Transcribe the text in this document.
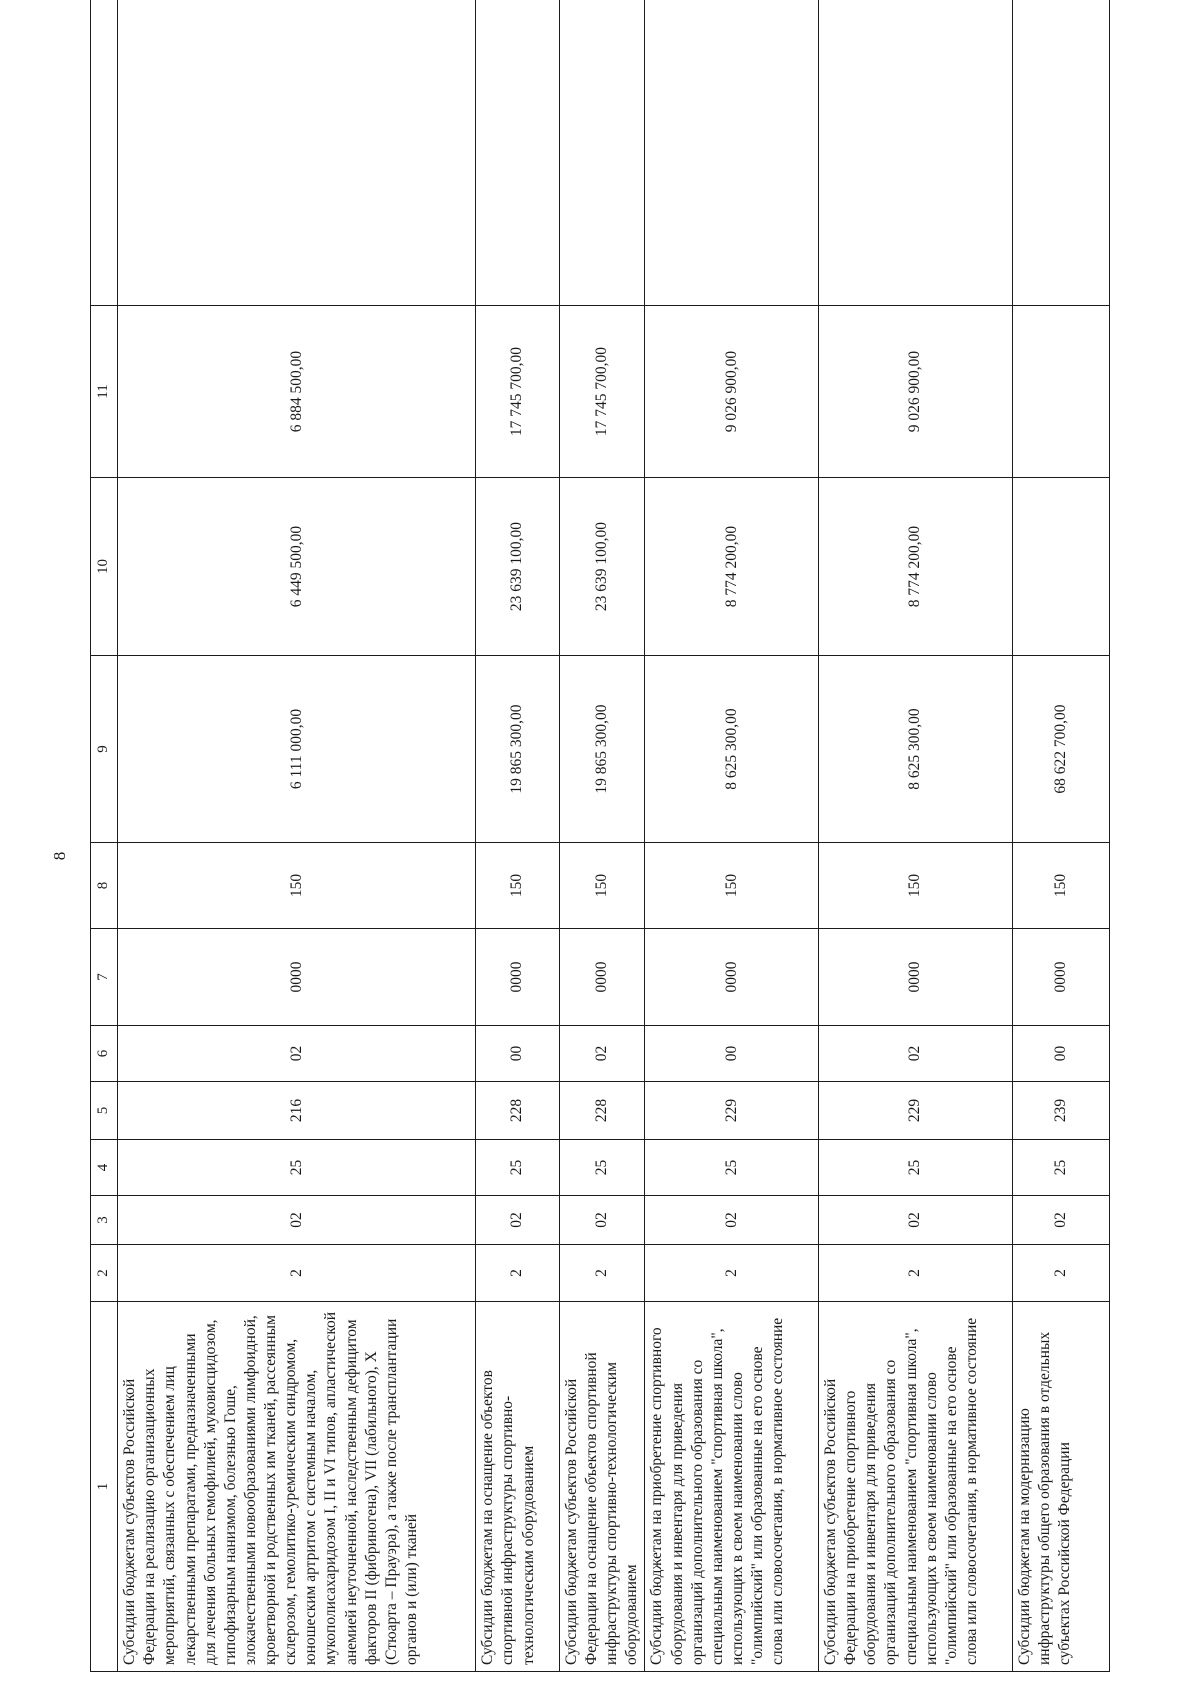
8
1	2	3	4	5	6	7	8	9	10	11	
Субсидии бюджетам субъектов Российской Федерации на реализацию организационных мероприятий, связанных с обеспечением лиц лекарственными препаратами, предназначенными для лечения больных гемофилией, муковисцидозом, гипофизарным нанизмом, болезнью Гоше, злокачественными новообразованиями лимфоидной, кроветворной и родственных им тканей, рассеянным склерозом, гемолитико-уремическим синдромом, юношеским артритом с системным началом, мукополисахаридозом I, II и VI типов, апластической анемией неуточненной, наследственным дефицитом факторов II (фибриногена), VII (лабильного), X (Стюарта – Прауэра), а также после трансплантации органов и (или) тканей	2	02	25	216	02	0000	150	6 111 000,00	6 449 500,00	6 884 500,00	
Субсидии бюджетам на оснащение объектов спортивной инфраструктуры спортивно-технологическим оборудованием	2	02	25	228	00	0000	150	19 865 300,00	23 639 100,00	17 745 700,00	
Субсидии бюджетам субъектов Российской Федерации на оснащение объектов спортивной инфраструктуры спортивно-технологическим оборудованием	2	02	25	228	02	0000	150	19 865 300,00	23 639 100,00	17 745 700,00	
Субсидии бюджетам на приобретение спортивного оборудования и инвентаря для приведения организаций дополнительного образования со специальным наименованием "спортивная школа", использующих в своем наименовании слово "олимпийский" или образованные на его основе слова или словосочетания, в нормативное состояние	2	02	25	229	00	0000	150	8 625 300,00	8 774 200,00	9 026 900,00	
Субсидии бюджетам субъектов Российской Федерации на приобретение спортивного оборудования и инвентаря для приведения организаций дополнительного образования со специальным наименованием "спортивная школа", использующих в своем наименовании слово "олимпийский" или образованные на его основе слова или словосочетания, в нормативное состояние	2	02	25	229	02	0000	150	8 625 300,00	8 774 200,00	9 026 900,00	
Субсидии бюджетам на модернизацию инфраструктуры общего образования в отдельных субъектах Российской Федерации	2	02	25	239	00	0000	150	68 622 700,00			
